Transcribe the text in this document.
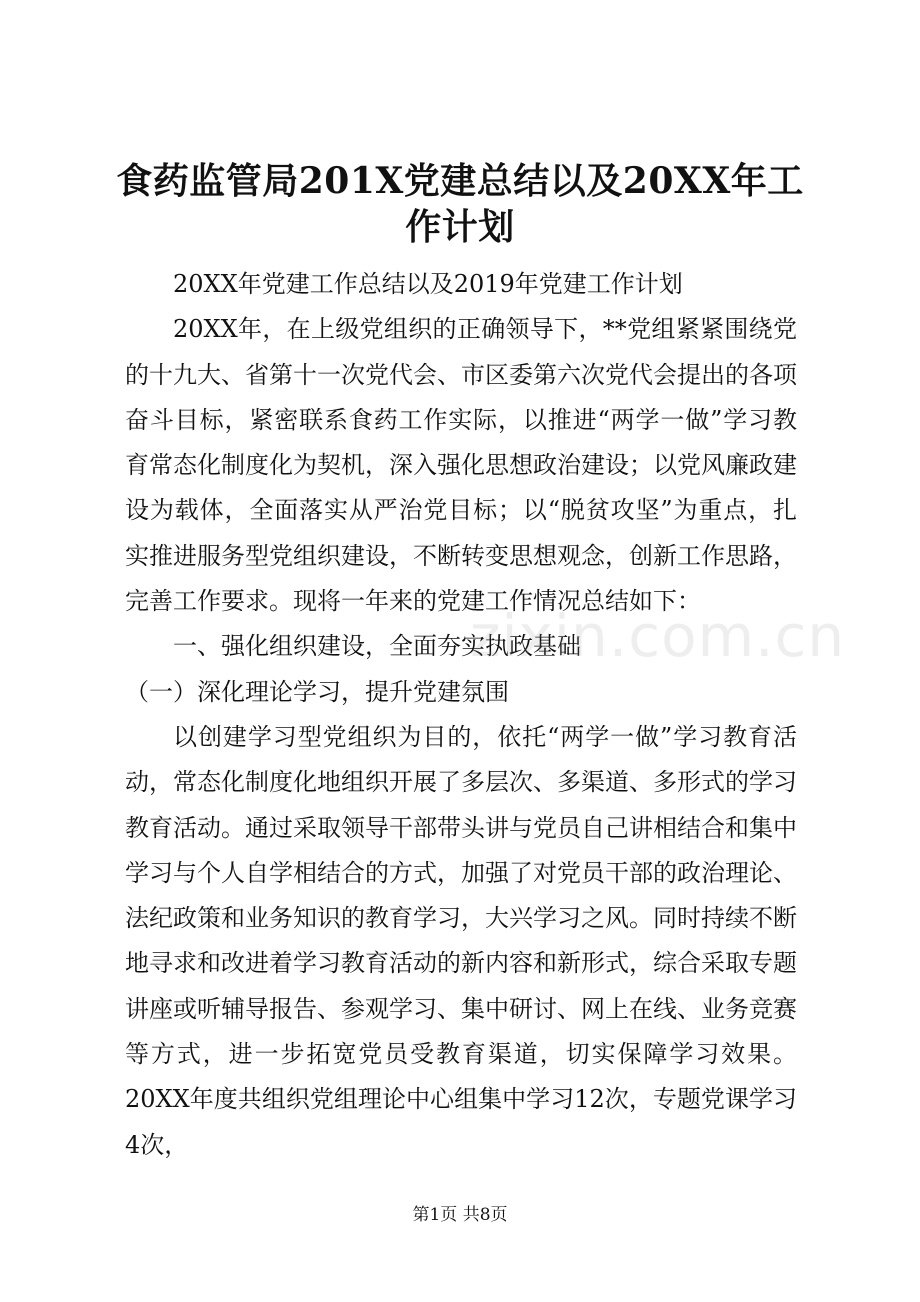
食药监管局201X党建总结以及20XX年工作计划

20XX年党建工作总结以及2019年党建工作计划

20XX年，在上级党组织的正确领导下，**党组紧紧围绕党的十九大、省第十一次党代会、市区委第六次党代会提出的各项奋斗目标，紧密联系食药工作实际，以推进“两学一做”学习教育常态化制度化为契机，深入强化思想政治建设；以党风廉政建设为载体，全面落实从严治党目标；以“脱贫攻坚”为重点，扎实推进服务型党组织建设，不断转变思想观念，创新工作思路，完善工作要求。现将一年来的党建工作情况总结如下：

一、强化组织建设，全面夯实执政基础

（一）深化理论学习，提升党建氛围

以创建学习型党组织为目的，依托“两学一做”学习教育活动，常态化制度化地组织开展了多层次、多渠道、多形式的学习教育活动。通过采取领导干部带头讲与党员自己讲相结合和集中学习与个人自学相结合的方式，加强了对党员干部的政治理论、法纪政策和业务知识的教育学习，大兴学习之风。同时持续不断地寻求和改进着学习教育活动的新内容和新形式，综合采取专题讲座或听辅导报告、参观学习、集中研讨、网上在线、业务竞赛等方式，进一步拓宽党员受教育渠道，切实保障学习效果。20XX年度共组织党组理论中心组集中学习12次，专题党课学习4次，

zixin.com.cn
第1页 共8页
